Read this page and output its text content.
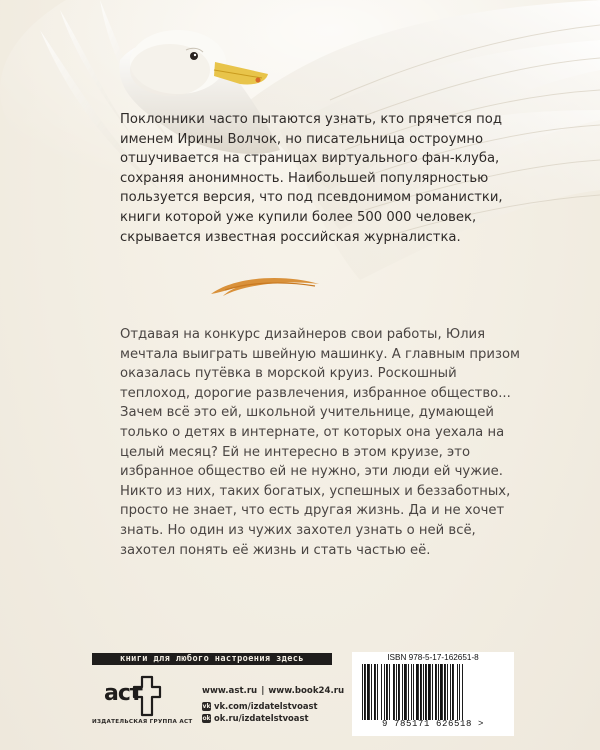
Поклонники часто пытаются узнать, кто прячется под именем Ирины Волчок, но писательница остроумно отшучивается на страницах виртуального фан-клуба, сохраняя анонимность. Наибольшей популярностью пользуется версия, что под псевдонимом романистки, книги которой уже купили более 500 000 человек, скрывается известная российская журналистка.

Отдавая на конкурс дизайнеров свои работы, Юлия мечтала выиграть швейную машинку. А главным призом оказалась путёвка в морской круиз. Роскошный теплоход, дорогие развлечения, избранное общество... Зачем всё это ей, школьной учительнице, думающей только о детях в интернате, от которых она уехала на целый месяц? Ей не интересно в этом круизе, это избранное общество ей не нужно, эти люди ей чужие. Никто из них, таких богатых, успешных и беззаботных, просто не знает, что есть другая жизнь. Да и не хочет знать. Но один из чужих захотел узнать о ней всё, захотел понять её жизнь и стать частью её.

книги для любого настроения здесь
аст
ИЗДАТЕЛЬСКАЯ ГРУППА АСТ
www.ast.ru | www.book24.ru
vk vk.com/izdatelstvoast
ok ok.ru/izdatelstvoast
ISBN 978-5-17-162651-8
9 785171 626518 >
